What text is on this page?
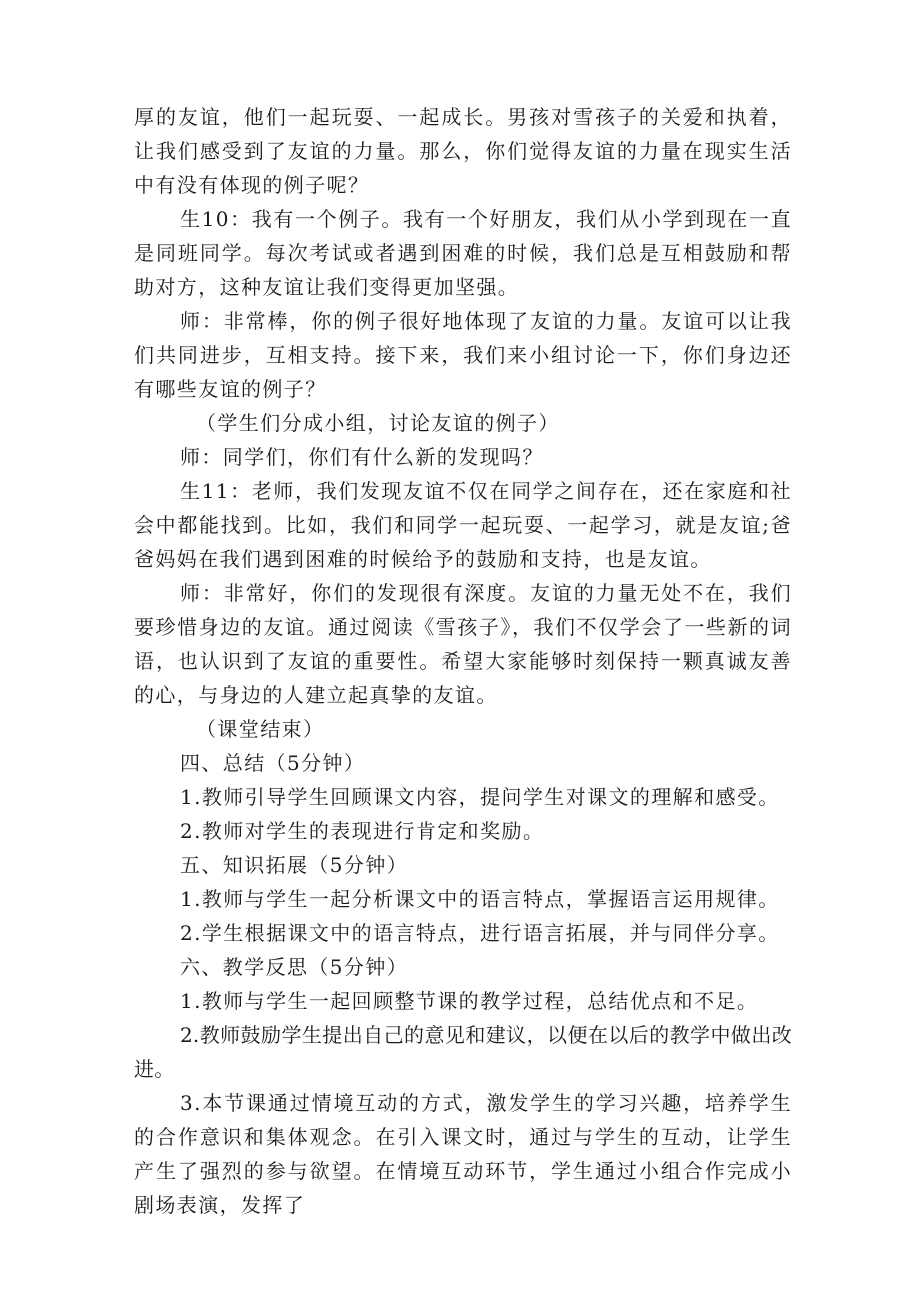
厚的友谊，他们一起玩耍、一起成长。男孩对雪孩子的关爱和执着，让我们感受到了友谊的力量。那么，你们觉得友谊的力量在现实生活中有没有体现的例子呢？

生10：我有一个例子。我有一个好朋友，我们从小学到现在一直是同班同学。每次考试或者遇到困难的时候，我们总是互相鼓励和帮助对方，这种友谊让我们变得更加坚强。

师：非常棒，你的例子很好地体现了友谊的力量。友谊可以让我们共同进步，互相支持。接下来，我们来小组讨论一下，你们身边还有哪些友谊的例子？

（学生们分成小组，讨论友谊的例子）

师：同学们，你们有什么新的发现吗？

生11：老师，我们发现友谊不仅在同学之间存在，还在家庭和社会中都能找到。比如，我们和同学一起玩耍、一起学习，就是友谊;爸爸妈妈在我们遇到困难的时候给予的鼓励和支持，也是友谊。

师：非常好，你们的发现很有深度。友谊的力量无处不在，我们要珍惜身边的友谊。通过阅读《雪孩子》，我们不仅学会了一些新的词语，也认识到了友谊的重要性。希望大家能够时刻保持一颗真诚友善的心，与身边的人建立起真挚的友谊。

（课堂结束）

四、总结（5分钟）

1.教师引导学生回顾课文内容，提问学生对课文的理解和感受。

2.教师对学生的表现进行肯定和奖励。

五、知识拓展（5分钟）

1.教师与学生一起分析课文中的语言特点，掌握语言运用规律。

2.学生根据课文中的语言特点，进行语言拓展，并与同伴分享。

六、教学反思（5分钟）

1.教师与学生一起回顾整节课的教学过程，总结优点和不足。

2.教师鼓励学生提出自己的意见和建议，以便在以后的教学中做出改进。

3.本节课通过情境互动的方式，激发学生的学习兴趣，培养学生的合作意识和集体观念。在引入课文时，通过与学生的互动，让学生产生了强烈的参与欲望。在情境互动环节，学生通过小组合作完成小剧场表演，发挥了
